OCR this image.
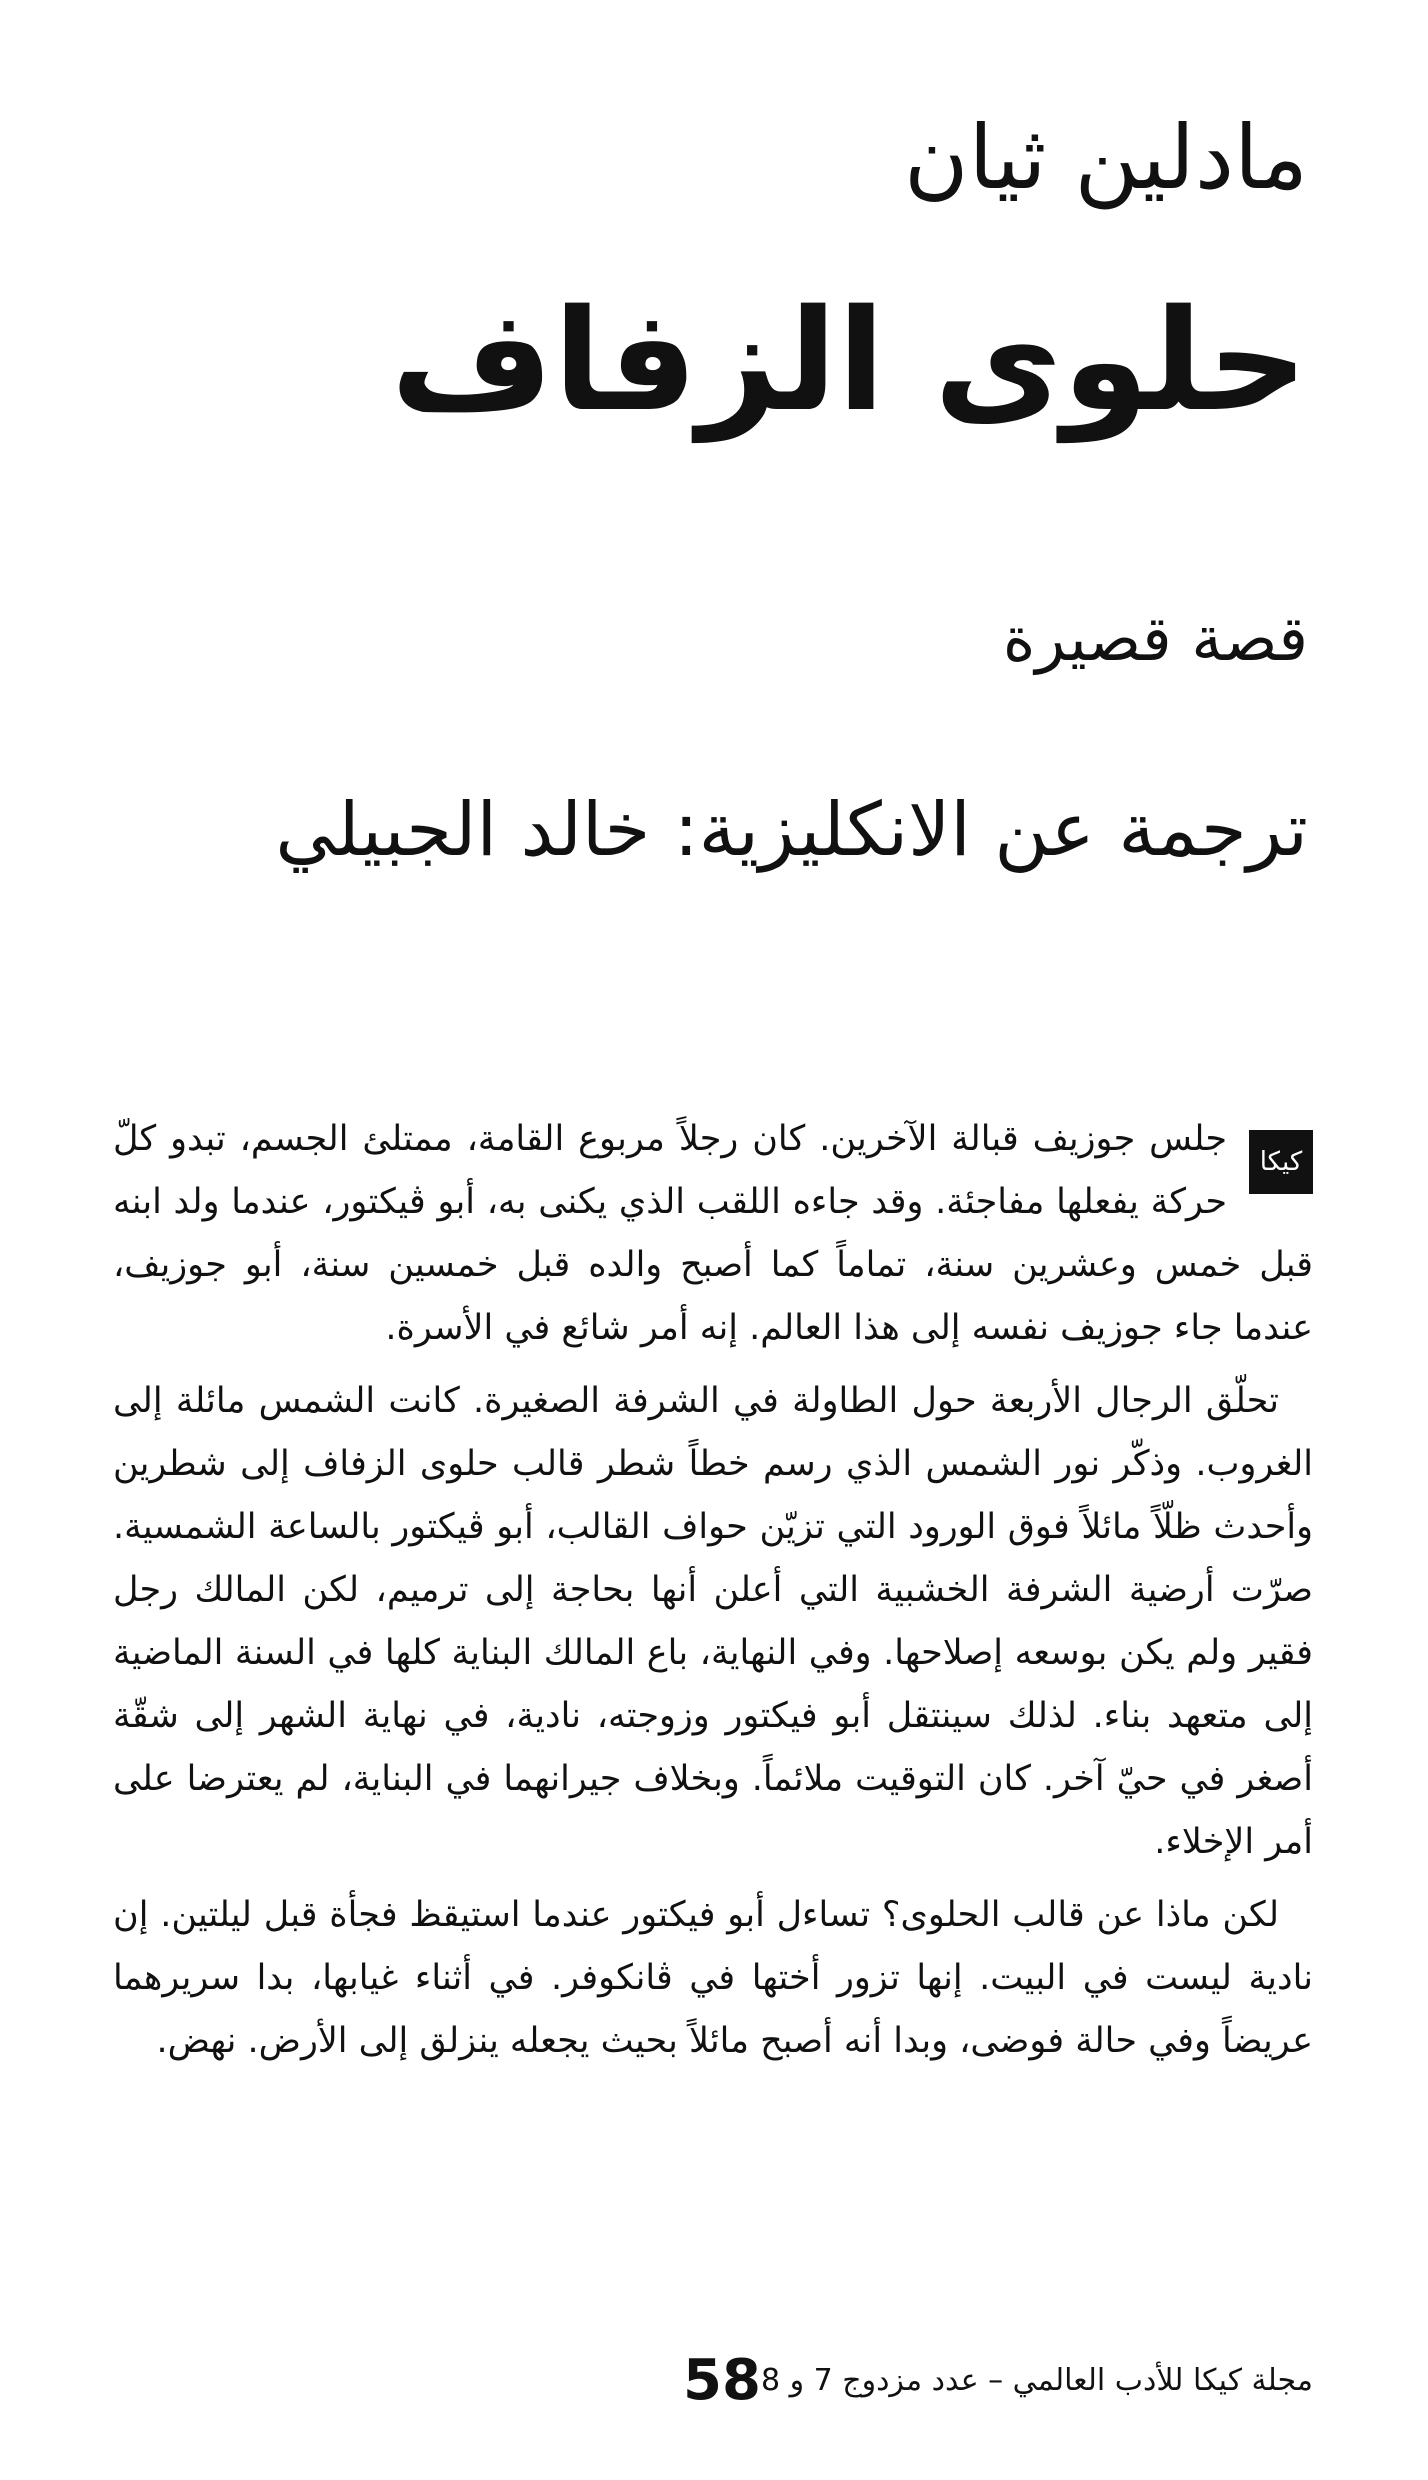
مادلين ثيان
حلوى الزفاف
قصة قصيرة
ترجمة عن الانكليزية: خالد الجبيلي

كيكا
جلس جوزيف قبالة الآخرين. كان رجلاً مربوع القامة، ممتلئ الجسم، تبدو كلّ حركة يفعلها مفاجئة. وقد جاءه اللقب الذي يكنى به، أبو ڤيكتور، عندما ولد ابنه قبل خمس وعشرين سنة، تماماً كما أصبح والده قبل خمسين سنة، أبو جوزيف، عندما جاء جوزيف نفسه إلى هذا العالم. إنه أمر شائع في الأسرة.

تحلّق الرجال الأربعة حول الطاولة في الشرفة الصغيرة. كانت الشمس مائلة إلى الغروب. وذكّر نور الشمس الذي رسم خطاً شطر قالب حلوى الزفاف إلى شطرين وأحدث ظلّاً مائلاً فوق الورود التي تزيّن حواف القالب، أبو ڤيكتور بالساعة الشمسية. صرّت أرضية الشرفة الخشبية التي أعلن أنها بحاجة إلى ترميم، لكن المالك رجل فقير ولم يكن بوسعه إصلاحها. وفي النهاية، باع المالك البناية كلها في السنة الماضية إلى متعهد بناء. لذلك سينتقل أبو فيكتور وزوجته، نادية، في نهاية الشهر إلى شقّة أصغر في حيّ آخر. كان التوقيت ملائماً. وبخلاف جيرانهما في البناية، لم يعترضا على أمر الإخلاء.

لكن ماذا عن قالب الحلوى؟ تساءل أبو فيكتور عندما استيقظ فجأة قبل ليلتين. إن نادية ليست في البيت. إنها تزور أختها في ڤانكوفر. في أثناء غيابها، بدا سريرهما عريضاً وفي حالة فوضى، وبدا أنه أصبح مائلاً بحيث يجعله ينزلق إلى الأرض. نهض.

مجلة كيكا للأدب العالمي – عدد مزدوج 7 و 8
58
